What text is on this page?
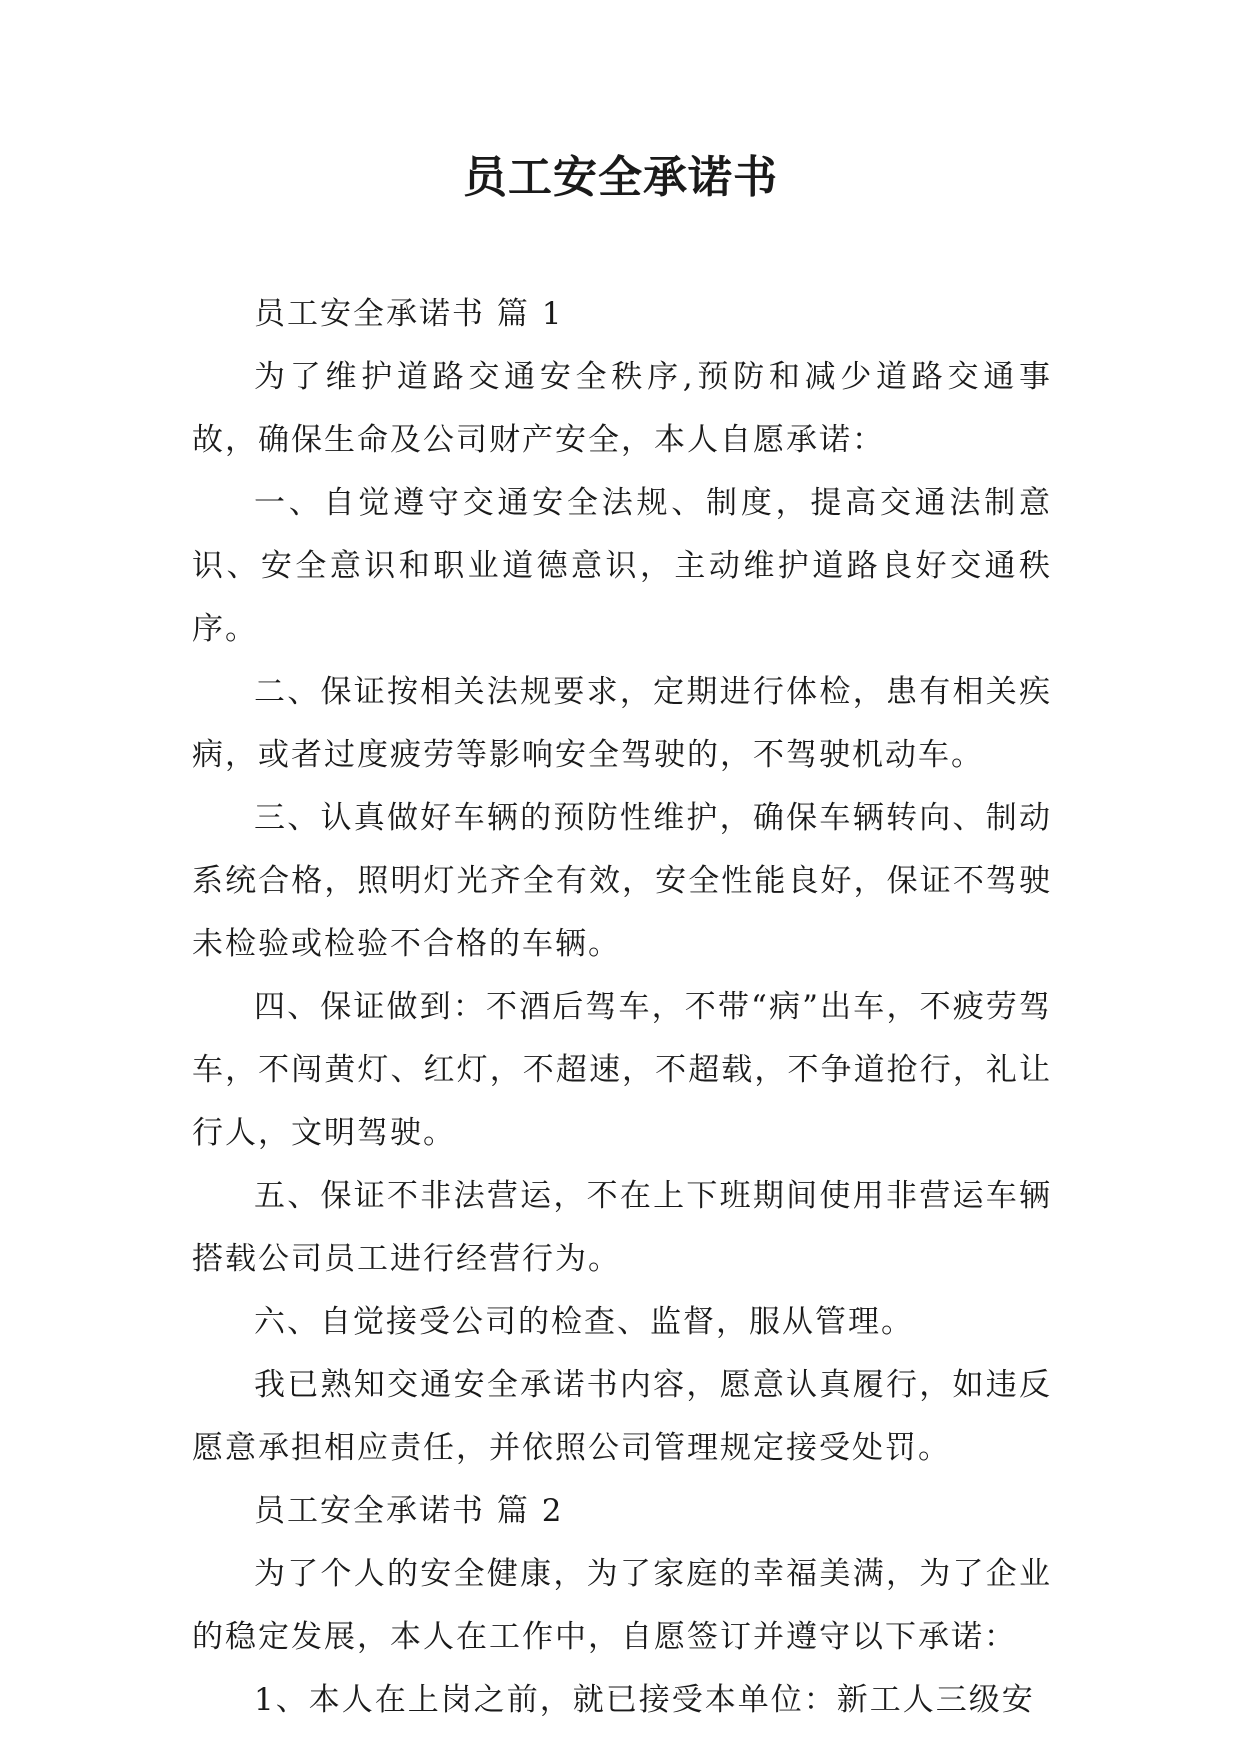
员工安全承诺书

员工安全承诺书 篇 1

为了维护道路交通安全秩序,预防和减少道路交通事故，确保生命及公司财产安全，本人自愿承诺：

一、自觉遵守交通安全法规、制度，提高交通法制意识、安全意识和职业道德意识，主动维护道路良好交通秩序。

二、保证按相关法规要求，定期进行体检，患有相关疾病，或者过度疲劳等影响安全驾驶的，不驾驶机动车。

三、认真做好车辆的预防性维护，确保车辆转向、制动系统合格，照明灯光齐全有效，安全性能良好，保证不驾驶未检验或检验不合格的车辆。

四、保证做到：不酒后驾车，不带“病”出车，不疲劳驾车，不闯黄灯、红灯，不超速，不超载，不争道抢行，礼让行人，文明驾驶。

五、保证不非法营运，不在上下班期间使用非营运车辆搭载公司员工进行经营行为。

六、自觉接受公司的检查、监督，服从管理。

我已熟知交通安全承诺书内容，愿意认真履行，如违反愿意承担相应责任，并依照公司管理规定接受处罚。

员工安全承诺书 篇 2

为了个人的安全健康，为了家庭的幸福美满，为了企业的稳定发展，本人在工作中，自愿签订并遵守以下承诺：

1、本人在上岗之前，就已接受本单位：新工人三级安
